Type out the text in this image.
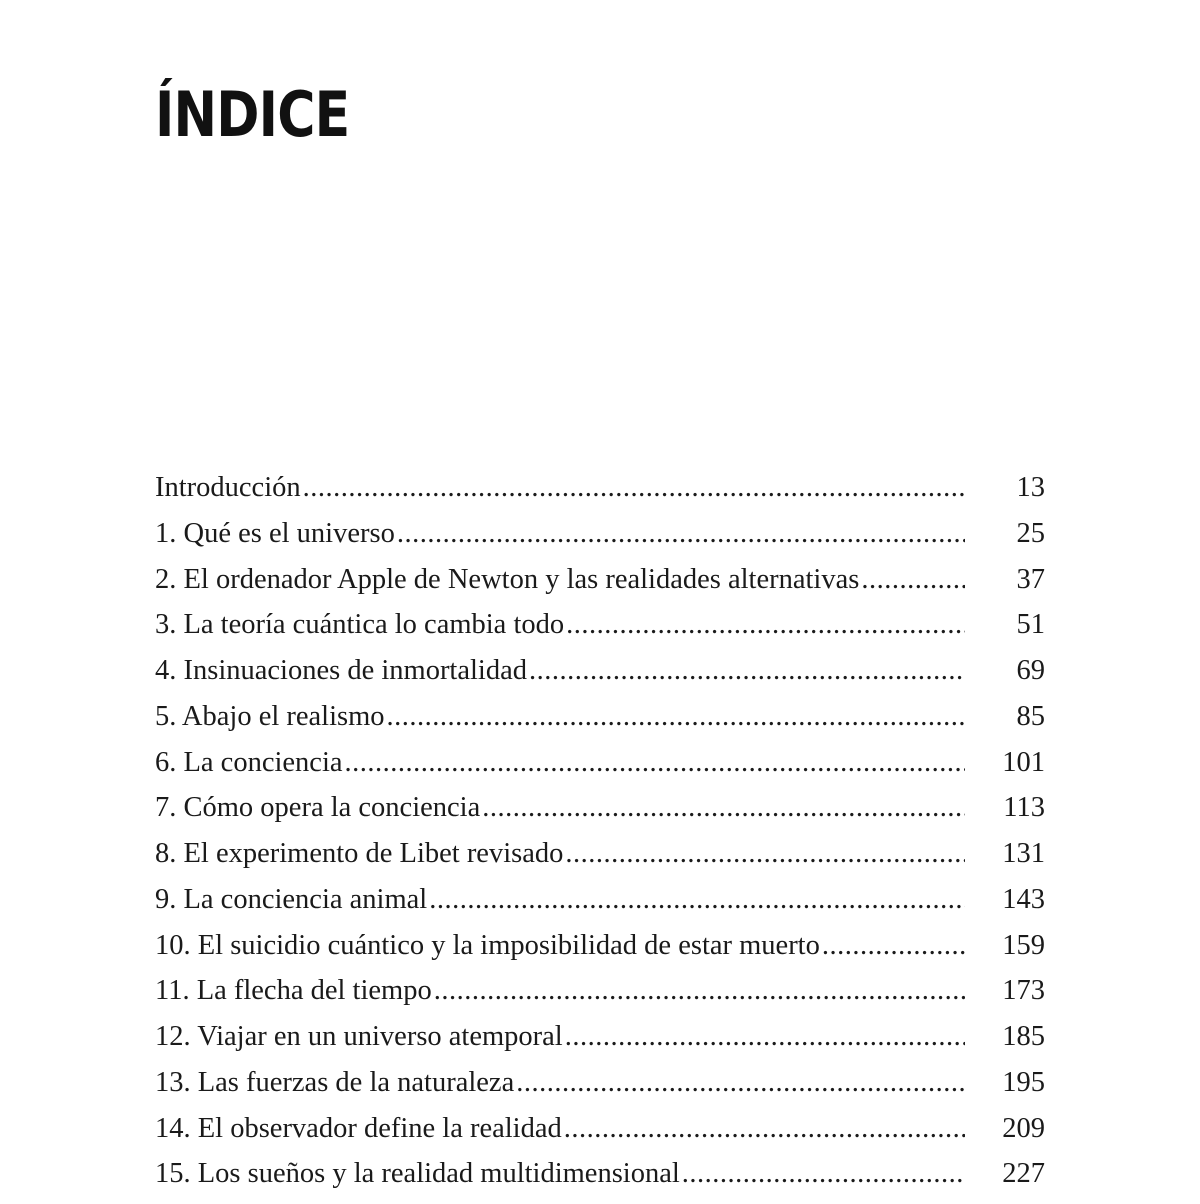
ÍNDICE
Introducción .....	13
1. Qué es el universo .....	25
2. El ordenador Apple de Newton y las realidades alternativas .....	37
3. La teoría cuántica lo cambia todo .....	51
4. Insinuaciones de inmortalidad .....	69
5. Abajo el realismo .....	85
6. La conciencia .....	101
7. Cómo opera la conciencia .....	113
8. El experimento de Libet revisado .....	131
9. La conciencia animal .....	143
10. El suicidio cuántico y la imposibilidad de estar muerto .....	159
11. La flecha del tiempo .....	173
12. Viajar en un universo atemporal .....	185
13. Las fuerzas de la naturaleza .....	195
14. El observador define la realidad .....	209
15. Los sueños y la realidad multidimensional .....	227
